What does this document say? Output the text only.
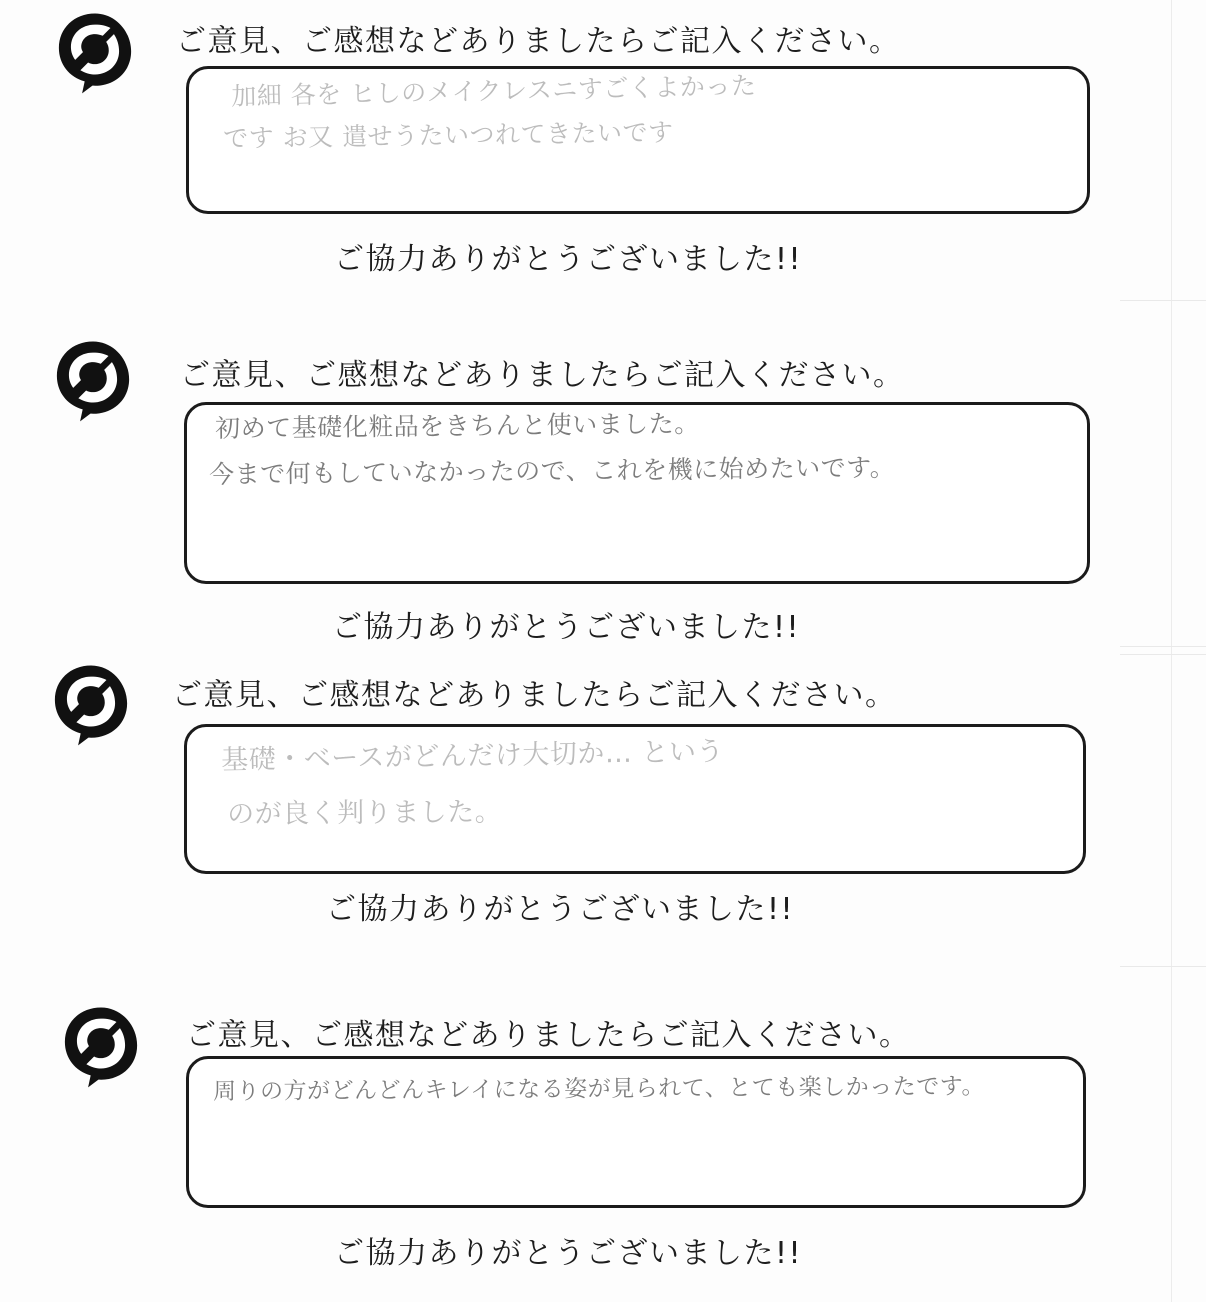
ご意見、ご感想などありましたらご記入ください。
加細 各を ヒしのメイクレスニすごくよかった
です お又 遣せうたいつれてきたいです
ご協力ありがとうございました!!
ご意見、ご感想などありましたらご記入ください。
初めて基礎化粧品をきちんと使いました。
今まで何もしていなかったので、これを機に始めたいです。
ご協力ありがとうございました!!
ご意見、ご感想などありましたらご記入ください。
基礎・ベースがどんだけ大切か… という
のが良く判りました。
ご協力ありがとうございました!!
ご意見、ご感想などありましたらご記入ください。
周りの方がどんどんキレイになる姿が見られて、とても楽しかったです。
ご協力ありがとうございました!!
